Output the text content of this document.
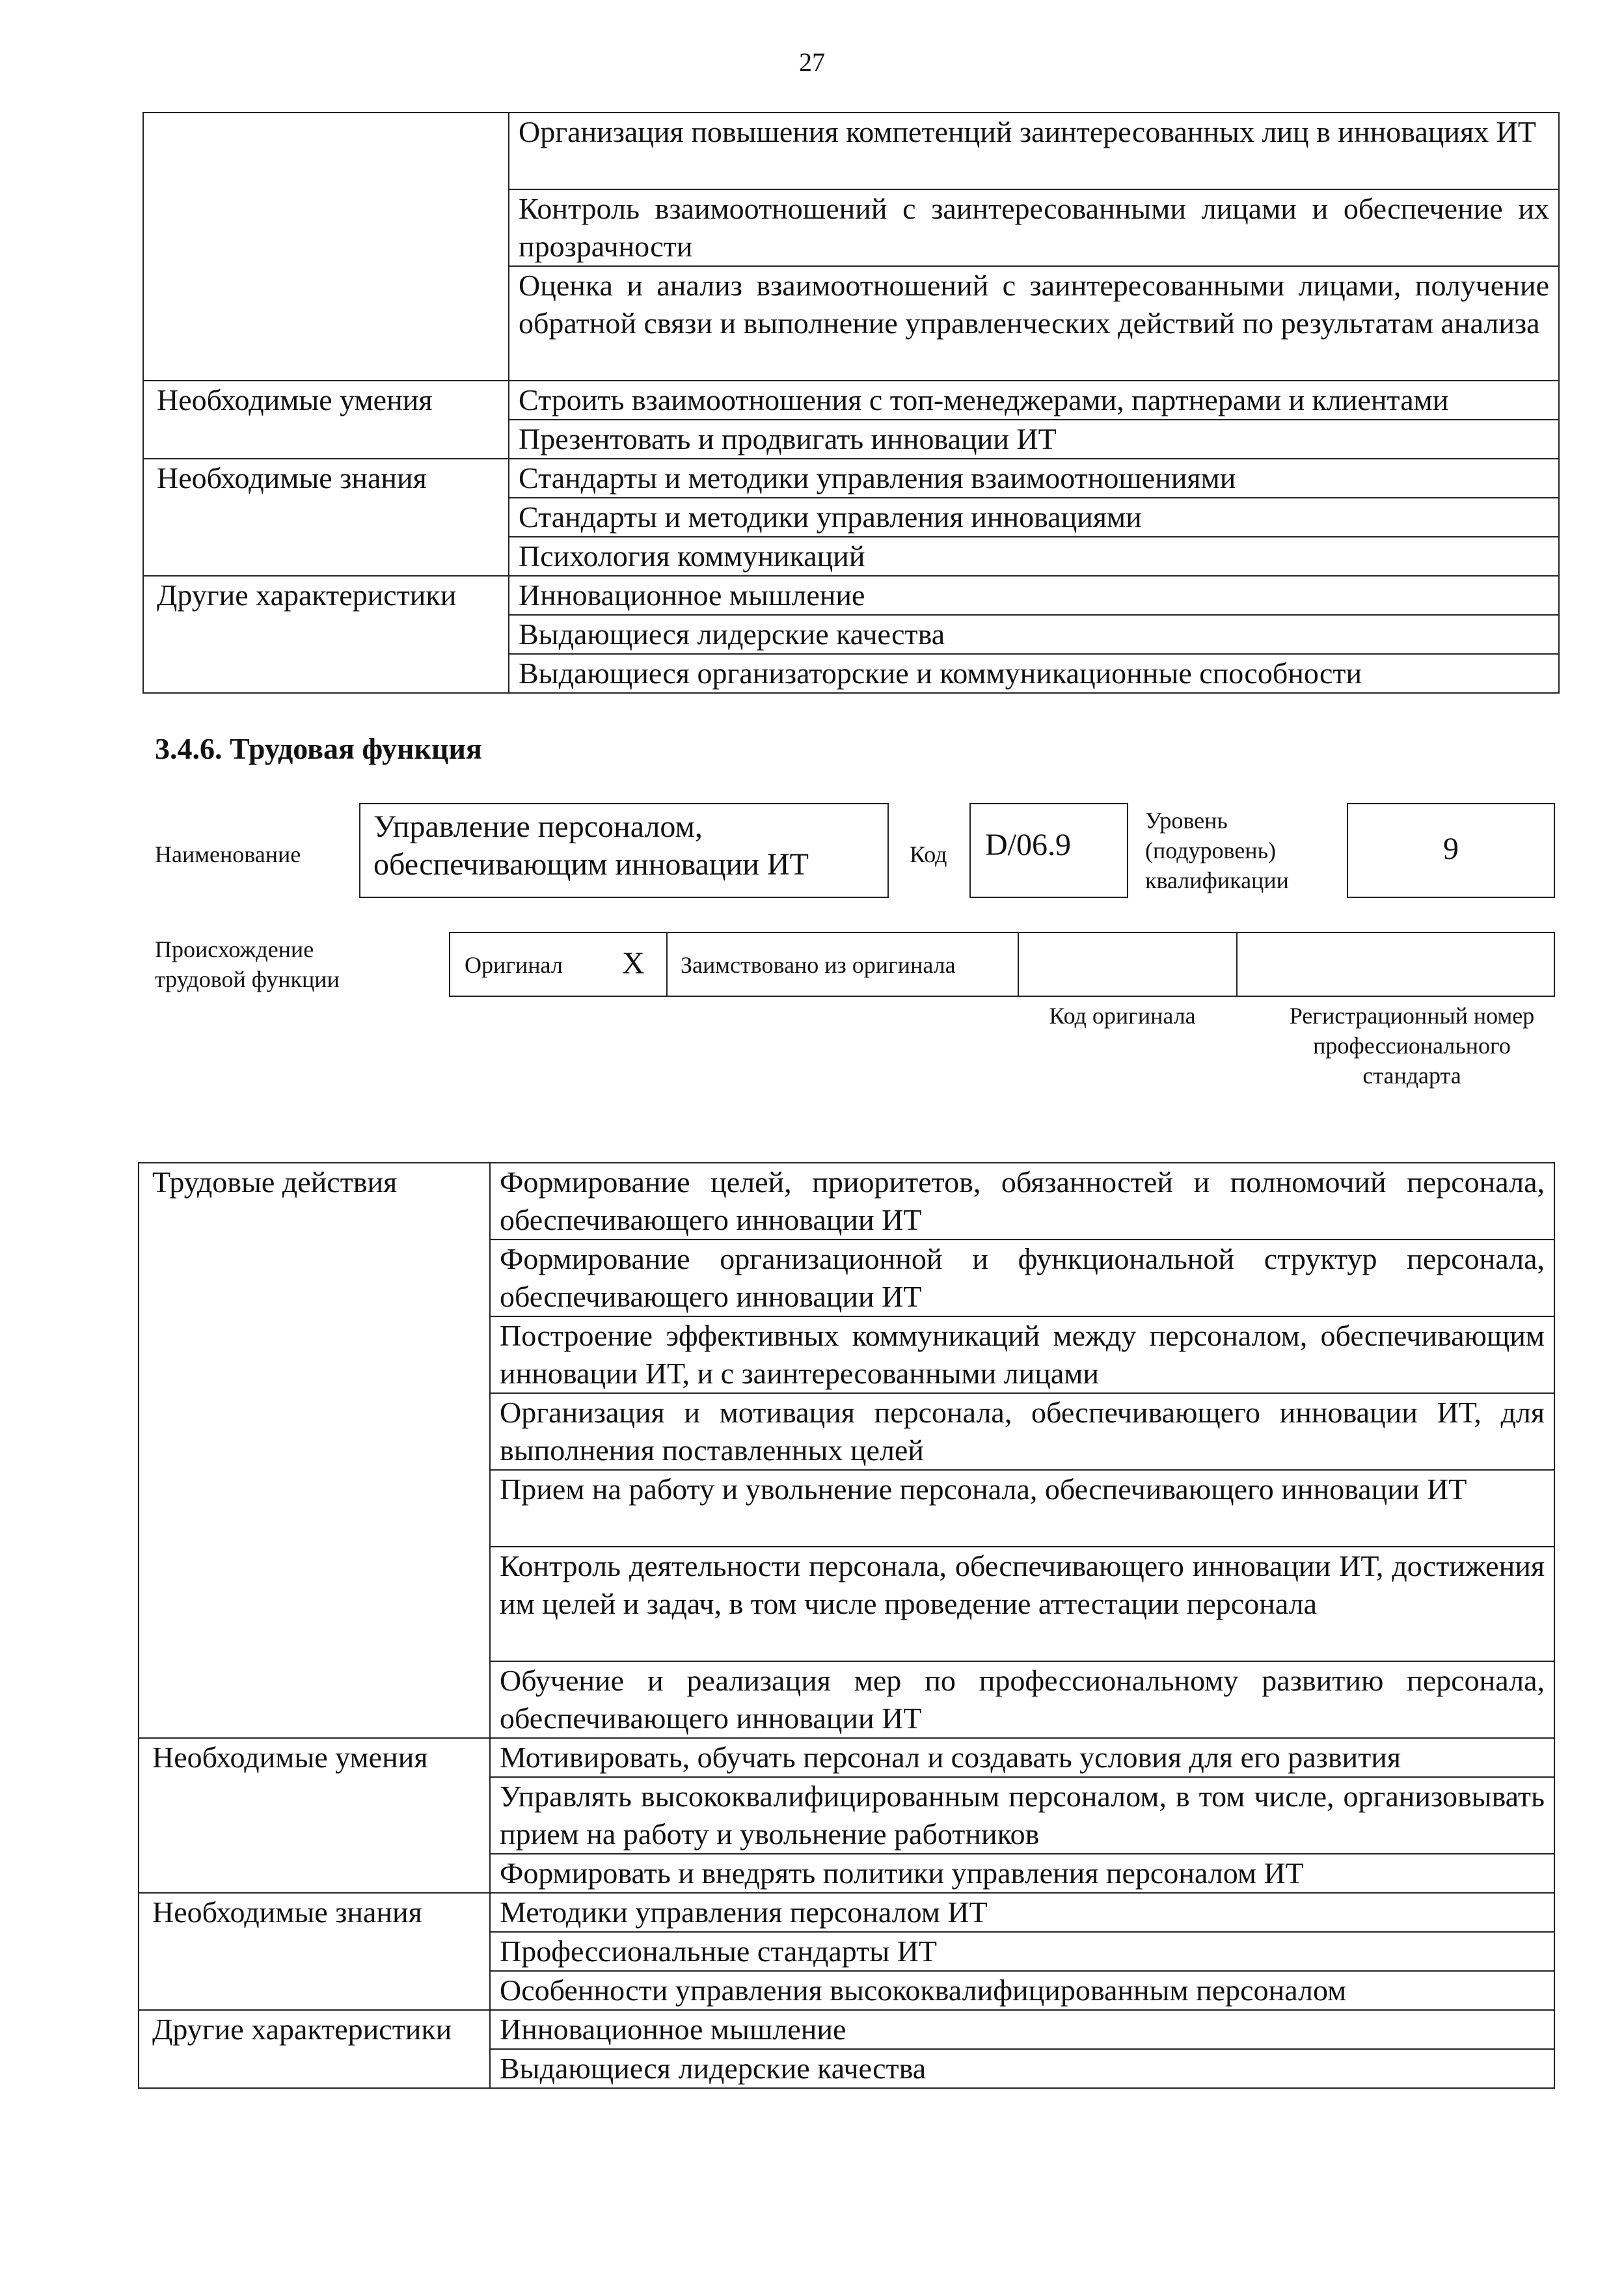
27
	Организация повышения компетенций заинтересованных лиц в инновациях ИТ
	Контроль взаимоотношений с заинтересованными лицами и обеспечение их прозрачности
	Оценка и анализ взаимоотношений с заинтересованными лицами, получение обратной связи и выполнение управленческих действий по результатам анализа
Необходимые умения	Строить взаимоотношения с топ-менеджерами, партнерами и клиентами
	Презентовать и продвигать инновации ИТ
Необходимые знания	Стандарты и методики управления взаимоотношениями
	Стандарты и методики управления инновациями
	Психология коммуникаций
Другие характеристики	Инновационное мышление
	Выдающиеся лидерские качества
	Выдающиеся организаторские и коммуникационные способности
3.4.6. Трудовая функция
Наименование
Управление персоналом, обеспечивающим инновации ИТ	Код	D/06.9
Уровень (подуровень) квалификации
9
Происхождение трудовой функции
Оригинал X Заимствовано из оригинала
Код оригинала	Регистрационный номер профессионального стандарта
Трудовые действия	Формирование целей, приоритетов, обязанностей и полномочий персонала, обеспечивающего инновации ИТ
	Формирование организационной и функциональной структур персонала, обеспечивающего инновации ИТ
	Построение эффективных коммуникаций между персоналом, обеспечивающим инновации ИТ, и с заинтересованными лицами
	Организация и мотивация персонала, обеспечивающего инновации ИТ, для выполнения поставленных целей
	Прием на работу и увольнение персонала, обеспечивающего инновации ИТ
	Контроль деятельности персонала, обеспечивающего инновации ИТ, достижения им целей и задач, в том числе проведение аттестации персонала
	Обучение и реализация мер по профессиональному развитию персонала, обеспечивающего инновации ИТ
Необходимые умения	Мотивировать, обучать персонал и создавать условия для его развития
	Управлять высококвалифицированным персоналом, в том числе, организовывать прием на работу и увольнение работников
	Формировать и внедрять политики управления персоналом ИТ
Необходимые знания	Методики управления персоналом ИТ
	Профессиональные стандарты ИТ
	Особенности управления высококвалифицированным персоналом
Другие характеристики	Инновационное мышление
	Выдающиеся лидерские качества
